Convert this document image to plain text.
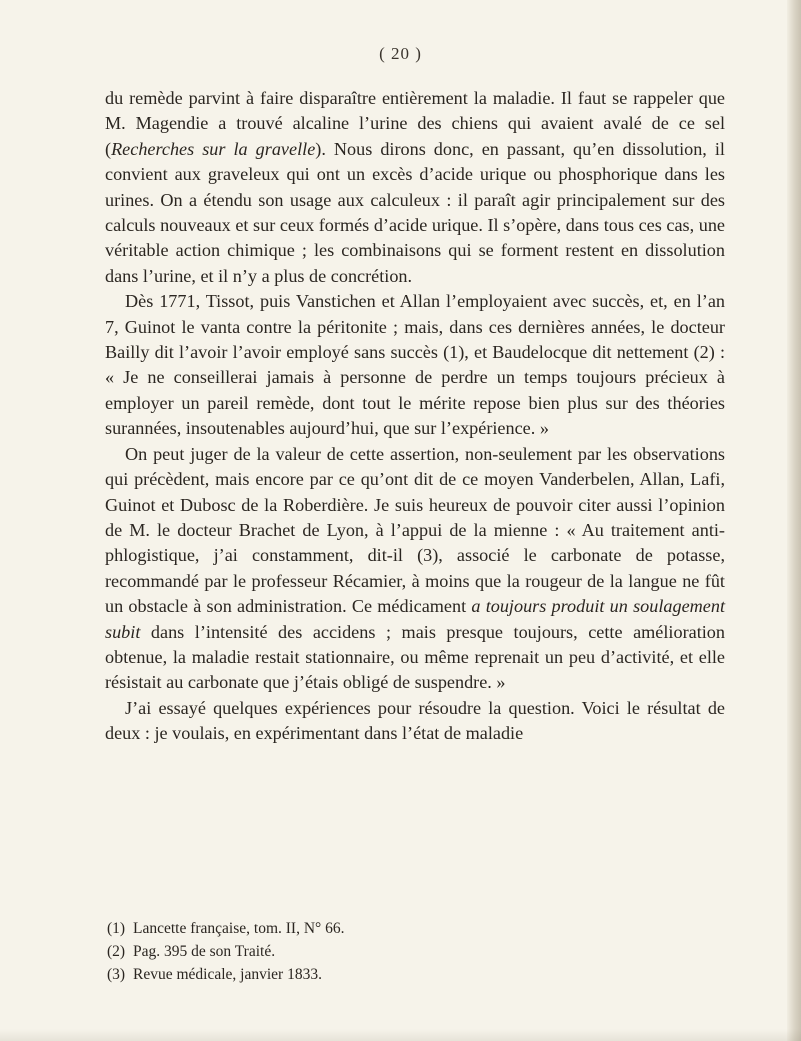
( 20 )

du remède parvint à faire disparaître entièrement la maladie. Il faut se rappeler que M. Magendie a trouvé alcaline l’urine des chiens qui avaient avalé de ce sel (Recherches sur la gravelle). Nous dirons donc, en passant, qu’en dissolution, il convient aux graveleux qui ont un excès d’acide urique ou phosphorique dans les urines. On a étendu son usage aux calculeux : il paraît agir principalement sur des calculs nouveaux et sur ceux formés d’acide urique. Il s’opère, dans tous ces cas, une véritable action chimique ; les combinaisons qui se forment restent en dissolution dans l’urine, et il n’y a plus de concrétion.

Dès 1771, Tissot, puis Vanstichen et Allan l’employaient avec succès, et, en l’an 7, Guinot le vanta contre la péritonite ; mais, dans ces dernières années, le docteur Bailly dit l’avoir l’avoir employé sans succès (1), et Baudelocque dit nettement (2) : « Je ne conseillerai jamais à personne de perdre un temps toujours précieux à employer un pareil remède, dont tout le mérite repose bien plus sur des théories surannées, insoutenables aujourd’hui, que sur l’expérience. »

On peut juger de la valeur de cette assertion, non-seulement par les observations qui précèdent, mais encore par ce qu’ont dit de ce moyen Vanderbelen, Allan, Lafi, Guinot et Dubosc de la Roberdière. Je suis heureux de pouvoir citer aussi l’opinion de M. le docteur Brachet de Lyon, à l’appui de la mienne : « Au traitement anti-phlogistique, j’ai constamment, dit-il (3), associé le carbonate de potasse, recommandé par le professeur Récamier, à moins que la rougeur de la langue ne fût un obstacle à son administration. Ce médicament a toujours produit un soulagement subit dans l’intensité des accidens ; mais presque toujours, cette amélioration obtenue, la maladie restait stationnaire, ou même reprenait un peu d’activité, et elle résistait au carbonate que j’étais obligé de suspendre. »

J’ai essayé quelques expériences pour résoudre la question. Voici le résultat de deux : je voulais, en expérimentant dans l’état de maladie

(1) Lancette française, tom. II, N° 66.

(2) Pag. 395 de son Traité.

(3) Revue médicale, janvier 1833.
